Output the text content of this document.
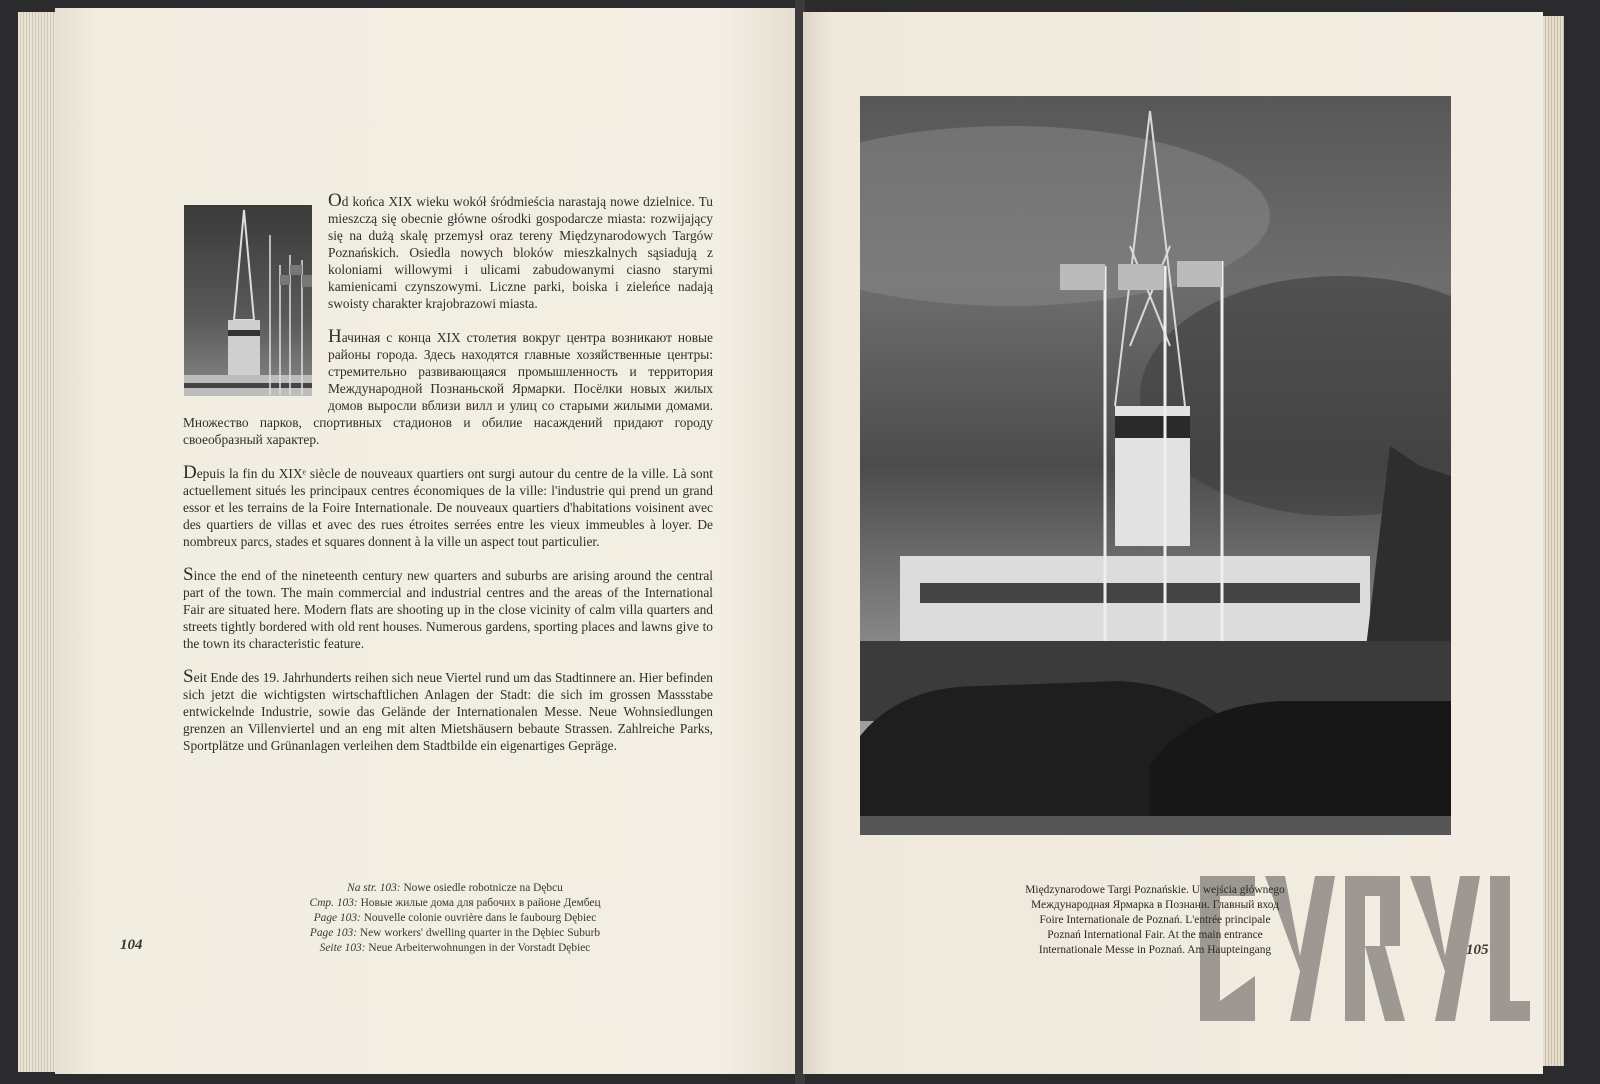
Od końca XIX wieku wokół śródmieścia narastają nowe dzielnice. Tu mieszczą się obecnie główne ośrodki gospodarcze miasta: rozwijający się na dużą skalę przemysł oraz tereny Międzynarodowych Targów Poznańskich. Osiedla nowych bloków mieszkalnych sąsiadują z koloniami willowymi i ulicami zabudowanymi ciasno starymi kamienicami czynszowymi. Liczne parki, boiska i zieleńce nadają swoisty charakter krajobrazowi miasta.

Начиная с конца XIX столетия вокруг центра возникают новые районы города. Здесь находятся главные хозяйственные центры: стремительно развивающаяся промышленность и территория Международной Познаньской Ярмарки. Посёлки новых жилых домов выросли вблизи вилл и улиц со старыми жилыми домами. Множество парков, спортивных стадионов и обилие насаждений придают городу своеобразный характер.

Depuis la fin du XIXᵉ siècle de nouveaux quartiers ont surgi autour du centre de la ville. Là sont actuellement situés les principaux centres économiques de la ville: l'industrie qui prend un grand essor et les terrains de la Foire Internationale. De nouveaux quartiers d'habitations voisinent avec des quartiers de villas et avec des rues étroites serrées entre les vieux immeubles à loyer. De nombreux parcs, stades et squares donnent à la ville un aspect tout particulier.

Since the end of the nineteenth century new quarters and suburbs are arising around the central part of the town. The main commercial and industrial centres and the areas of the International Fair are situated here. Modern flats are shooting up in the close vicinity of calm villa quarters and streets tightly bordered with old rent houses. Numerous gardens, sporting places and lawns give to the town its characteristic feature.

Seit Ende des 19. Jahrhunderts reihen sich neue Viertel rund um das Stadtinnere an. Hier befinden sich jetzt die wichtigsten wirtschaftlichen Anlagen der Stadt: die sich im grossen Massstabe entwickelnde Industrie, sowie das Gelände der Internationalen Messe. Neue Wohnsiedlungen grenzen an Villenviertel und an eng mit alten Mietshäusern bebaute Strassen. Zahlreiche Parks, Sportplätze und Grünanlagen verleihen dem Stadtbilde ein eigenartiges Gepräge.

Na str. 103: Nowe osiedle robotnicze na Dębcu
Стр. 103: Новые жилые дома для рабочих в районе Дембец
Page 103: Nouvelle colonie ouvrière dans le faubourg Dębiec
Page 103: New workers' dwelling quarter in the Dębiec Suburb
Seite 103: Neue Arbeiterwohnungen in der Vorstadt Dębiec
104
Międzynarodowe Targi Poznańskie. U wejścia głównego
Международная Ярмарка в Познани. Главный вход
Foire Internationale de Poznań. L'entrée principale
Poznań International Fair. At the main entrance
Internationale Messe in Poznań. Am Haupteingang	105
